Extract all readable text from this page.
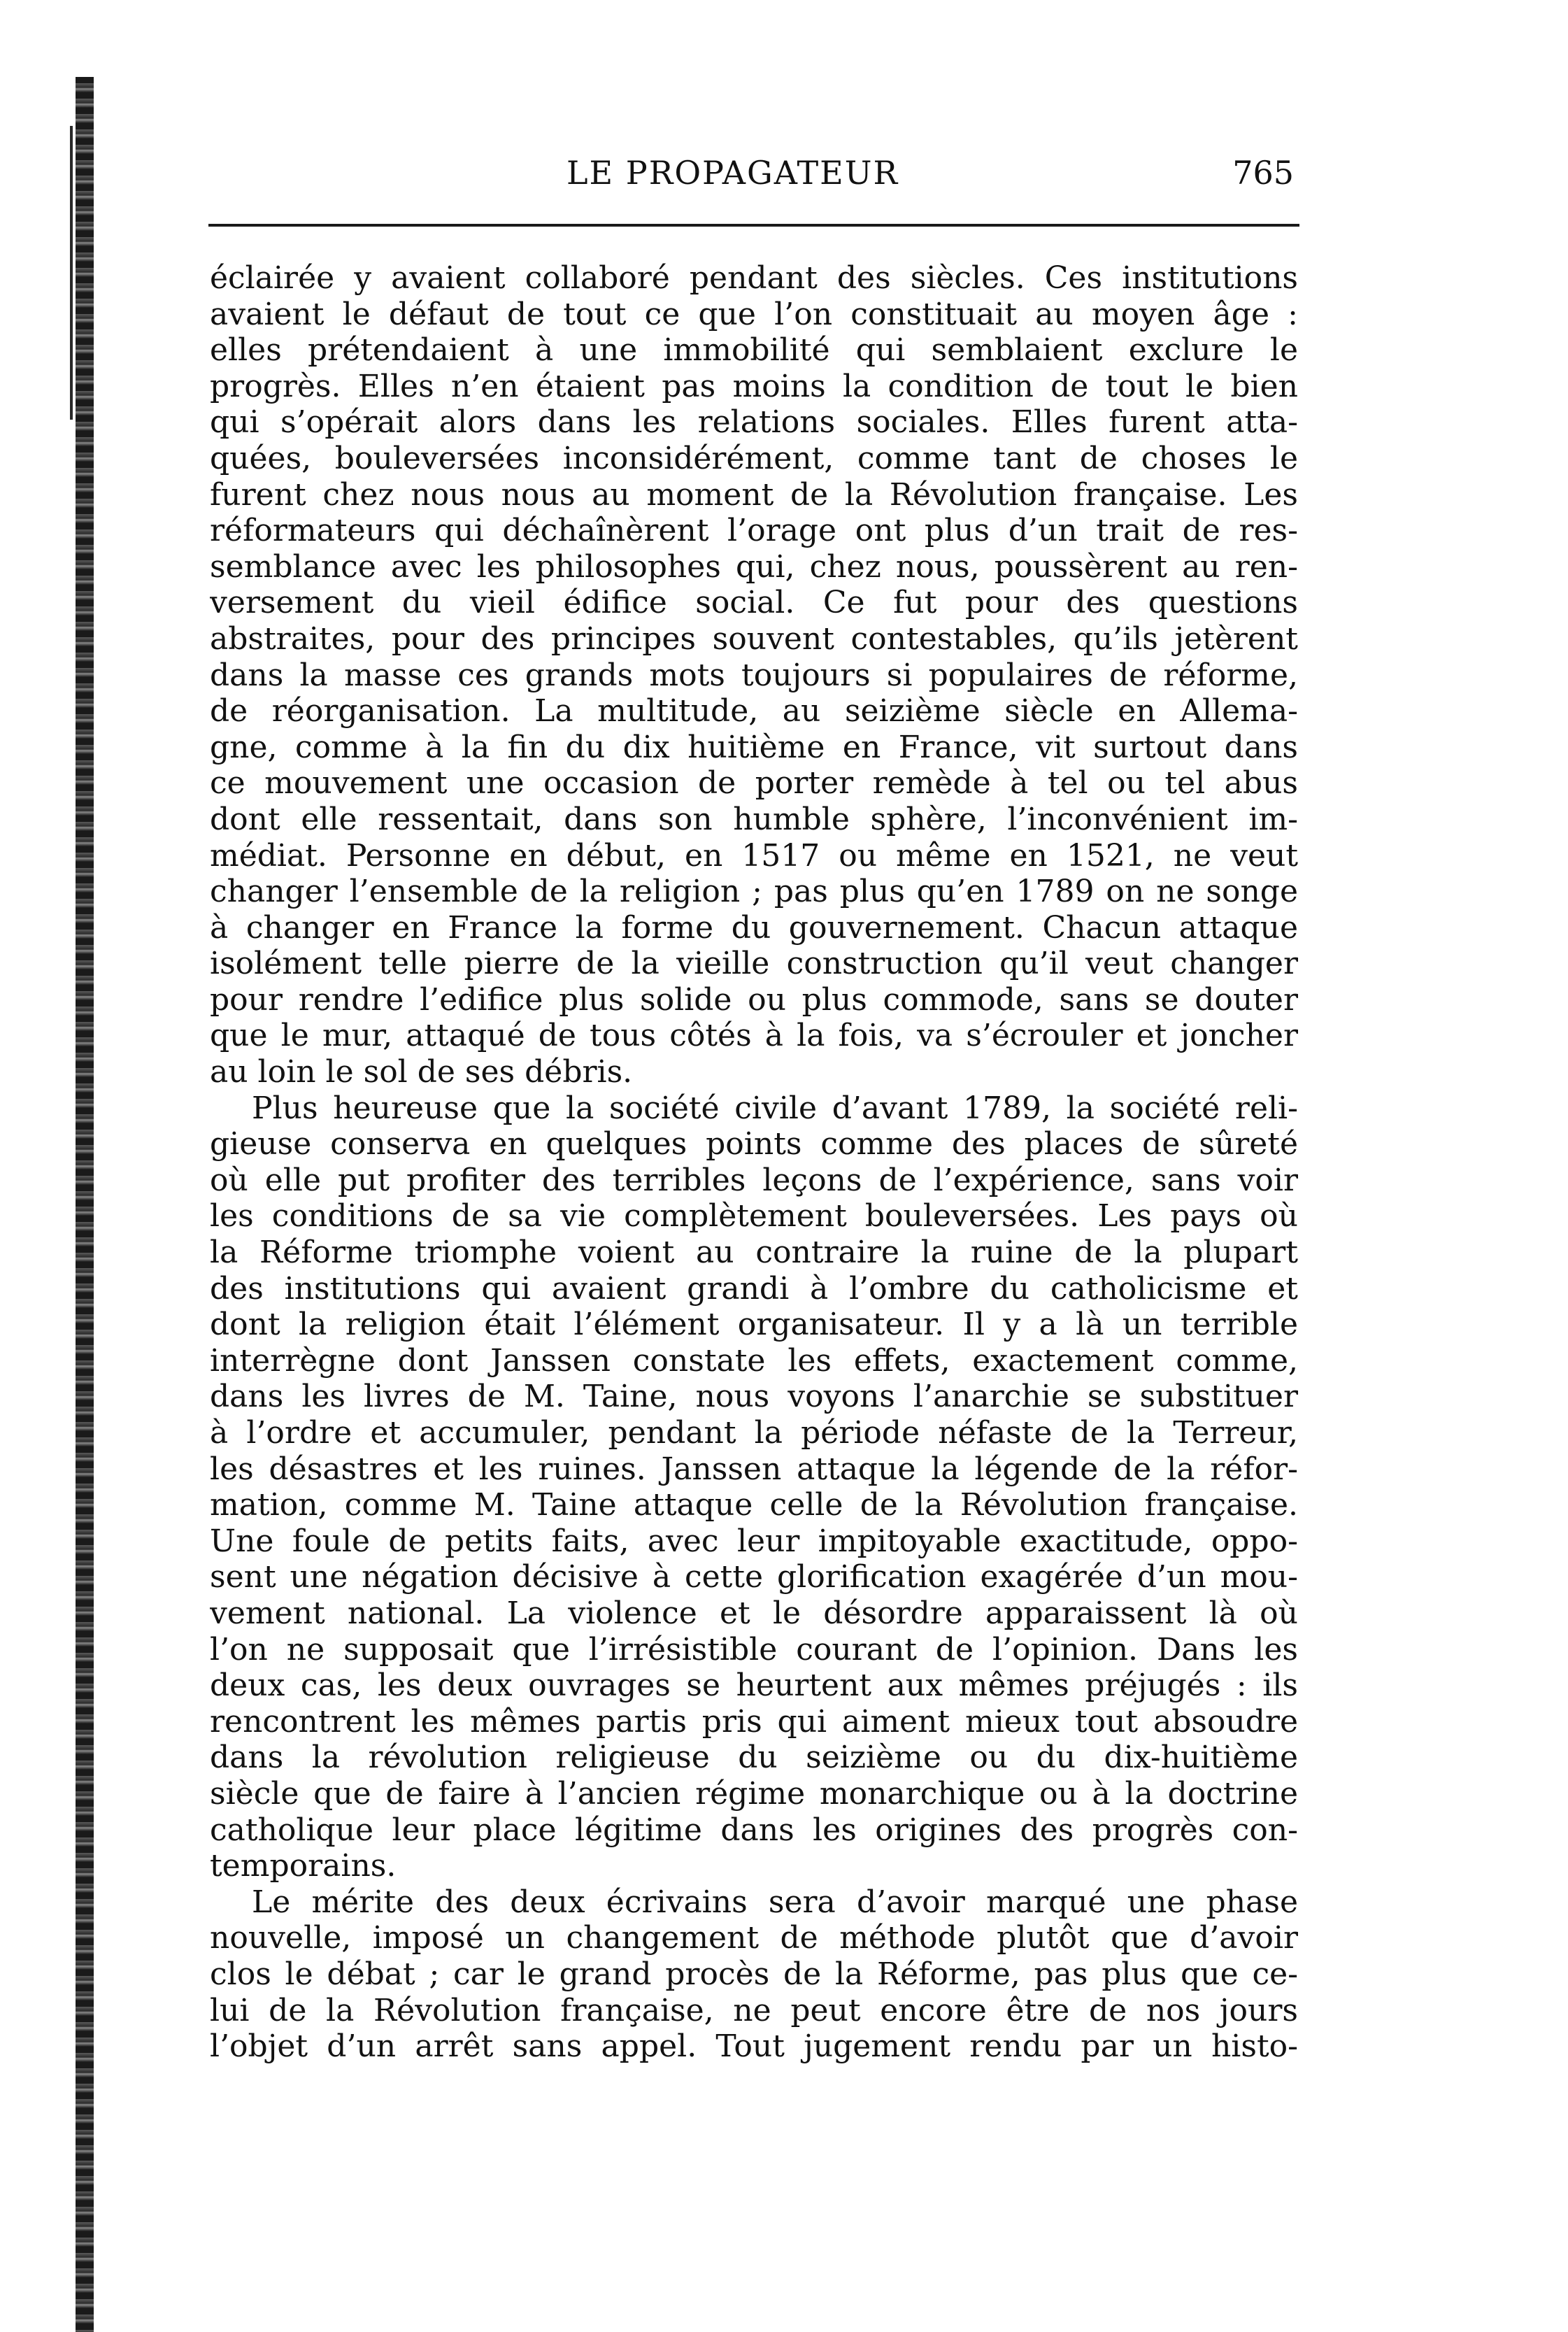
LE PROPAGATEUR	765
éclairée y avaient collaboré pendant des siècles. Ces institutions
avaient le défaut de tout ce que l’on constituait au moyen âge :
elles prétendaient à une immobilité qui semblaient exclure le
progrès. Elles n’en étaient pas moins la condition de tout le bien
qui s’opérait alors dans les relations sociales. Elles furent atta-
quées, bouleversées inconsidérément, comme tant de choses le
furent chez nous nous au moment de la Révolution française. Les
réformateurs qui déchaînèrent l’orage ont plus d’un trait de res-
semblance avec les philosophes qui, chez nous, poussèrent au ren-
versement du vieil édifice social. Ce fut pour des questions
abstraites, pour des principes souvent contestables, qu’ils jetèrent
dans la masse ces grands mots toujours si populaires de réforme,
de réorganisation. La multitude, au seizième siècle en Allema-
gne, comme à la fin du dix huitième en France, vit surtout dans
ce mouvement une occasion de porter remède à tel ou tel abus
dont elle ressentait, dans son humble sphère, l’inconvénient im-
médiat. Personne en début, en 1517 ou même en 1521, ne veut
changer l’ensemble de la religion ; pas plus qu’en 1789 on ne songe
à changer en France la forme du gouvernement. Chacun attaque
isolément telle pierre de la vieille construction qu’il veut changer
pour rendre l’edifice plus solide ou plus commode, sans se douter
que le mur, attaqué de tous côtés à la fois, va s’écrouler et joncher
au loin le sol de ses débris.
Plus heureuse que la société civile d’avant 1789, la société reli-
gieuse conserva en quelques points comme des places de sûreté
où elle put profiter des terribles leçons de l’expérience, sans voir
les conditions de sa vie complètement bouleversées. Les pays où
la Réforme triomphe voient au contraire la ruine de la plupart
des institutions qui avaient grandi à l’ombre du catholicisme et
dont la religion était l’élément organisateur. Il y a là un terrible
interrègne dont Janssen constate les effets, exactement comme,
dans les livres de M. Taine, nous voyons l’anarchie se substituer
à l’ordre et accumuler, pendant la période néfaste de la Terreur,
les désastres et les ruines. Janssen attaque la légende de la réfor-
mation, comme M. Taine attaque celle de la Révolution française.
Une foule de petits faits, avec leur impitoyable exactitude, oppo-
sent une négation décisive à cette glorification exagérée d’un mou-
vement national. La violence et le désordre apparaissent là où
l’on ne supposait que l’irrésistible courant de l’opinion. Dans les
deux cas, les deux ouvrages se heurtent aux mêmes préjugés : ils
rencontrent les mêmes partis pris qui aiment mieux tout absoudre
dans la révolution religieuse du seizième ou du dix-huitième
siècle que de faire à l’ancien régime monarchique ou à la doctrine
catholique leur place légitime dans les origines des progrès con-
temporains.
Le mérite des deux écrivains sera d’avoir marqué une phase
nouvelle, imposé un changement de méthode plutôt que d’avoir
clos le débat ; car le grand procès de la Réforme, pas plus que ce-
lui de la Révolution française, ne peut encore être de nos jours
l’objet d’un arrêt sans appel. Tout jugement rendu par un histo-
